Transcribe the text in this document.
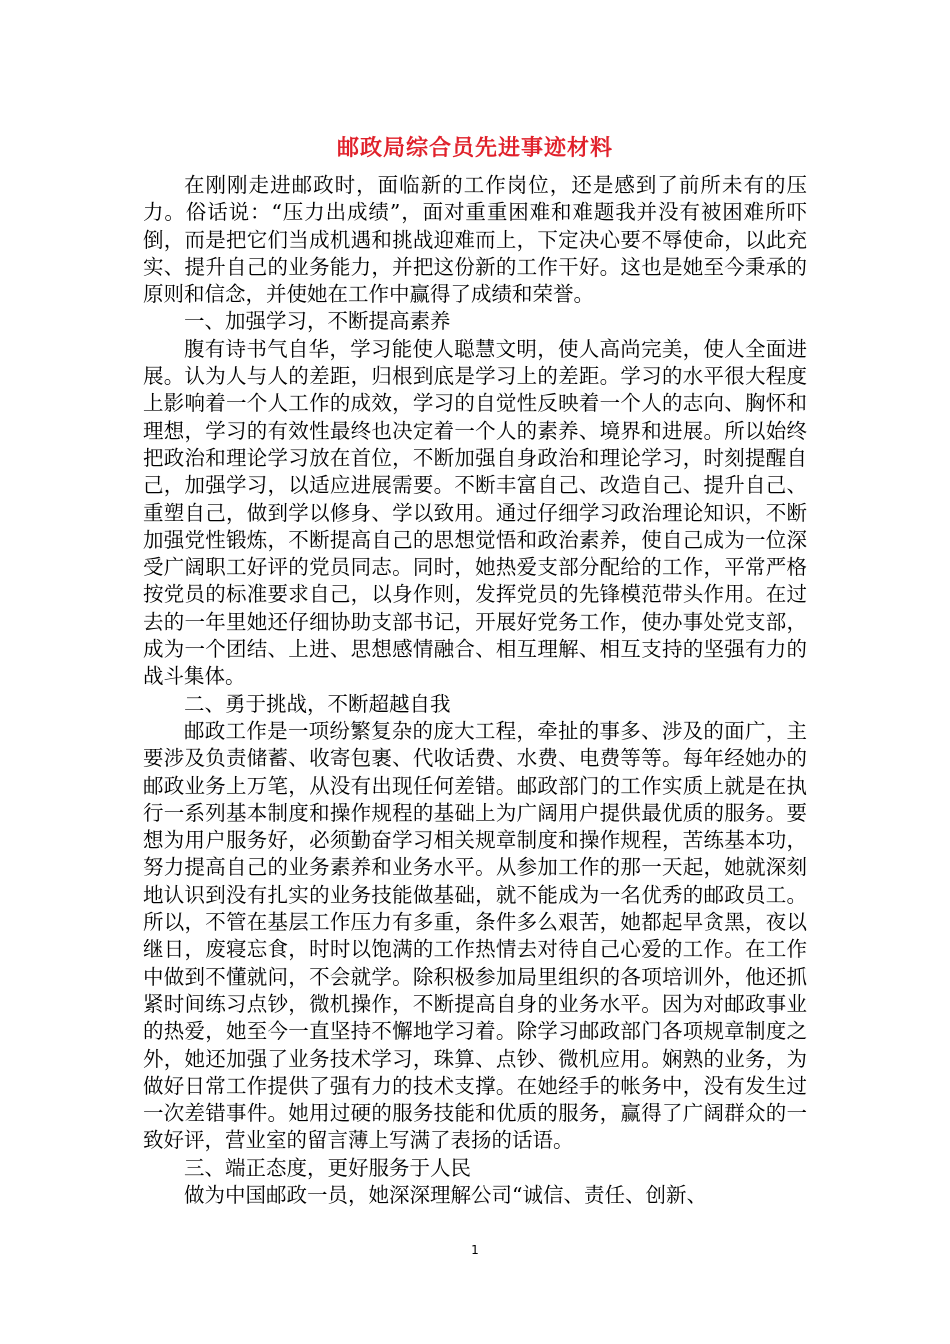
邮政局综合员先进事迹材料

在刚刚走进邮政时，面临新的工作岗位，还是感到了前所未有的压力。俗话说：“压力出成绩”，面对重重困难和难题我并没有被困难所吓倒，而是把它们当成机遇和挑战迎难而上，下定决心要不辱使命，以此充实、提升自己的业务能力，并把这份新的工作干好。这也是她至今秉承的原则和信念，并使她在工作中赢得了成绩和荣誉。

一、加强学习，不断提高素养

腹有诗书气自华，学习能使人聪慧文明，使人高尚完美，使人全面进展。认为人与人的差距，归根到底是学习上的差距。学习的水平很大程度上影响着一个人工作的成效，学习的自觉性反映着一个人的志向、胸怀和理想，学习的有效性最终也决定着一个人的素养、境界和进展。所以始终把政治和理论学习放在首位，不断加强自身政治和理论学习，时刻提醒自己，加强学习，以适应进展需要。不断丰富自己、改造自己、提升自己、重塑自己，做到学以修身、学以致用。通过仔细学习政治理论知识，不断加强党性锻炼，不断提高自己的思想觉悟和政治素养，使自己成为一位深受广阔职工好评的党员同志。同时，她热爱支部分配给的工作，平常严格按党员的标准要求自己，以身作则，发挥党员的先锋模范带头作用。在过去的一年里她还仔细协助支部书记，开展好党务工作，使办事处党支部，成为一个团结、上进、思想感情融合、相互理解、相互支持的坚强有力的战斗集体。

二、勇于挑战，不断超越自我

邮政工作是一项纷繁复杂的庞大工程，牵扯的事多、涉及的面广，主要涉及负责储蓄、收寄包裹、代收话费、水费、电费等等。每年经她办的邮政业务上万笔，从没有出现任何差错。邮政部门的工作实质上就是在执行一系列基本制度和操作规程的基础上为广阔用户提供最优质的服务。要想为用户服务好，必须勤奋学习相关规章制度和操作规程，苦练基本功，努力提高自己的业务素养和业务水平。从参加工作的那一天起，她就深刻地认识到没有扎实的业务技能做基础，就不能成为一名优秀的邮政员工。所以，不管在基层工作压力有多重，条件多么艰苦，她都起早贪黑，夜以继日，废寝忘食，时时以饱满的工作热情去对待自己心爱的工作。在工作中做到不懂就问，不会就学。除积极参加局里组织的各项培训外，他还抓紧时间练习点钞，微机操作，不断提高自身的业务水平。因为对邮政事业的热爱，她至今一直坚持不懈地学习着。除学习邮政部门各项规章制度之外，她还加强了业务技术学习，珠算、点钞、微机应用。娴熟的业务，为做好日常工作提供了强有力的技术支撑。在她经手的帐务中，没有发生过一次差错事件。她用过硬的服务技能和优质的服务，赢得了广阔群众的一致好评，营业室的留言薄上写满了表扬的话语。

三、端正态度，更好服务于人民

做为中国邮政一员，她深深理解公司“诚信、责任、创新、

1
